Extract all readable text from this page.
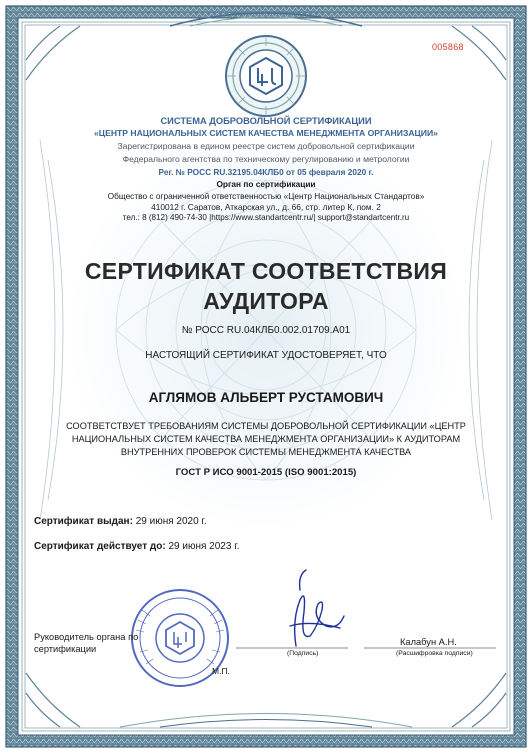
005868
СИСТЕМА ДОБРОВОЛЬНОЙ СЕРТИФИКАЦИИ
«ЦЕНТР НАЦИОНАЛЬНЫХ СИСТЕМ КАЧЕСТВА МЕНЕДЖМЕНТА ОРГАНИЗАЦИИ»
Зарегистрирована в едином реестре систем добровольной сертификации
Федерального агентства по техническому регулированию и метрологии
Рег. № РОСС RU.32195.04КЛБ0 от 05 февраля 2020 г.
Орган по сертификации
Общество с ограниченной ответственностью «Центр Национальных Стандартов»
410012 г. Саратов, Аткарская ул., д. 66, стр. литер К, пом. 2
тел.: 8 (812) 490-74-30 |https://www.standartcentr.ru/| support@standartcentr.ru
СЕРТИФИКАТ СООТВЕТСТВИЯ
АУДИТОРА
№ РОСС RU.04КЛБ0.002.01709.А01
НАСТОЯЩИЙ СЕРТИФИКАТ УДОСТОВЕРЯЕТ, ЧТО
АГЛЯМОВ АЛЬБЕРТ РУСТАМОВИЧ
СООТВЕТСТВУЕТ ТРЕБОВАНИЯМ СИСТЕМЫ ДОБРОВОЛЬНОЙ СЕРТИФИКАЦИИ «ЦЕНТР
НАЦИОНАЛЬНЫХ СИСТЕМ КАЧЕСТВА МЕНЕДЖМЕНТА ОРГАНИЗАЦИИ» К АУДИТОРАМ
ВНУТРЕННИХ ПРОВЕРОК СИСТЕМЫ МЕНЕДЖМЕНТА КАЧЕСТВА
ГОСТ Р ИСО 9001-2015 (ISO 9001:2015)
Сертификат выдан: 29 июня 2020 г.
Сертификат действует до: 29 июня 2023 г.
Руководитель органа по
сертификации
М.П.
(Подпись)
Калабун А.Н.
(Расшифровка подписи)
